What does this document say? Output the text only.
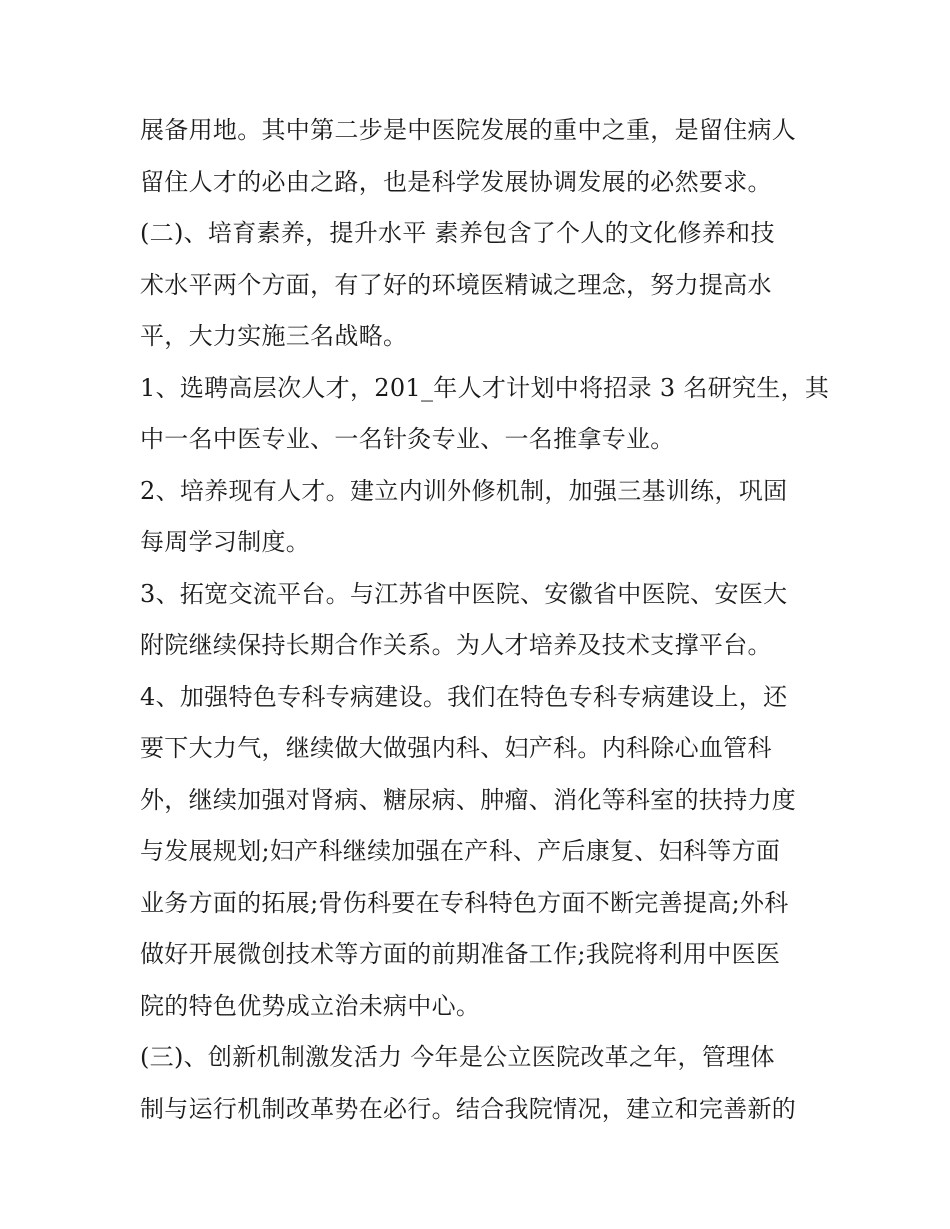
展备用地。其中第二步是中医院发展的重中之重，是留住病人
留住人才的必由之路，也是科学发展协调发展的必然要求。
(二)、培育素养，提升水平 素养包含了个人的文化修养和技
术水平两个方面，有了好的环境医精诚之理念，努力提高水
平，大力实施三名战略。
1、选聘高层次人才，201_年人才计划中将招录 3 名研究生，其
中一名中医专业、一名针灸专业、一名推拿专业。
2、培养现有人才。建立内训外修机制，加强三基训练，巩固
每周学习制度。
3、拓宽交流平台。与江苏省中医院、安徽省中医院、安医大
附院继续保持长期合作关系。为人才培养及技术支撑平台。
4、加强特色专科专病建设。我们在特色专科专病建设上，还
要下大力气，继续做大做强内科、妇产科。内科除心血管科
外，继续加强对肾病、糖尿病、肿瘤、消化等科室的扶持力度
与发展规划;妇产科继续加强在产科、产后康复、妇科等方面
业务方面的拓展;骨伤科要在专科特色方面不断完善提高;外科
做好开展微创技术等方面的前期准备工作;我院将利用中医医
院的特色优势成立治未病中心。
(三)、创新机制激发活力 今年是公立医院改革之年，管理体
制与运行机制改革势在必行。结合我院情况，建立和完善新的
